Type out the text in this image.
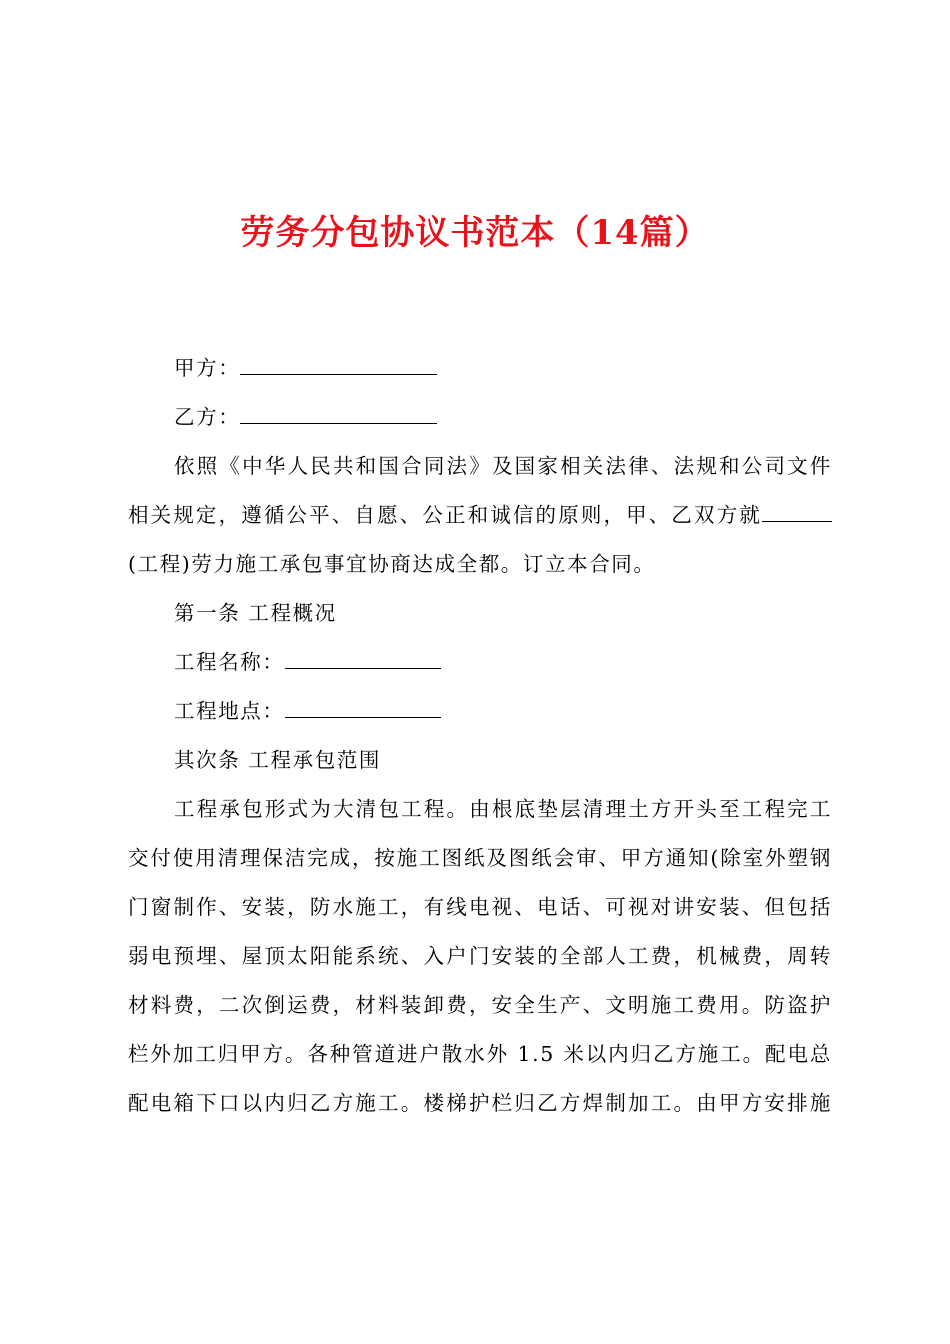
劳务分包协议书范本（14篇）
甲方：
乙方：
依照《中华人民共和国合同法》及国家相关法律、法规和公司文件
相关规定，遵循公平、自愿、公正和诚信的原则，甲、乙双方就
(工程)劳力施工承包事宜协商达成全都。订立本合同。
第一条 工程概况
工程名称：
工程地点：
其次条 工程承包范围
工程承包形式为大清包工程。由根底垫层清理土方开头至工程完工
交付使用清理保洁完成，按施工图纸及图纸会审、甲方通知(除室外塑钢
门窗制作、安装，防水施工，有线电视、电话、可视对讲安装、但包括
弱电预埋、屋顶太阳能系统、入户门安装的全部人工费，机械费，周转
材料费，二次倒运费，材料装卸费，安全生产、文明施工费用。防盗护
栏外加工归甲方。各种管道进户散水外 1.5 米以内归乙方施工。配电总
配电箱下口以内归乙方施工。楼梯护栏归乙方焊制加工。由甲方安排施
